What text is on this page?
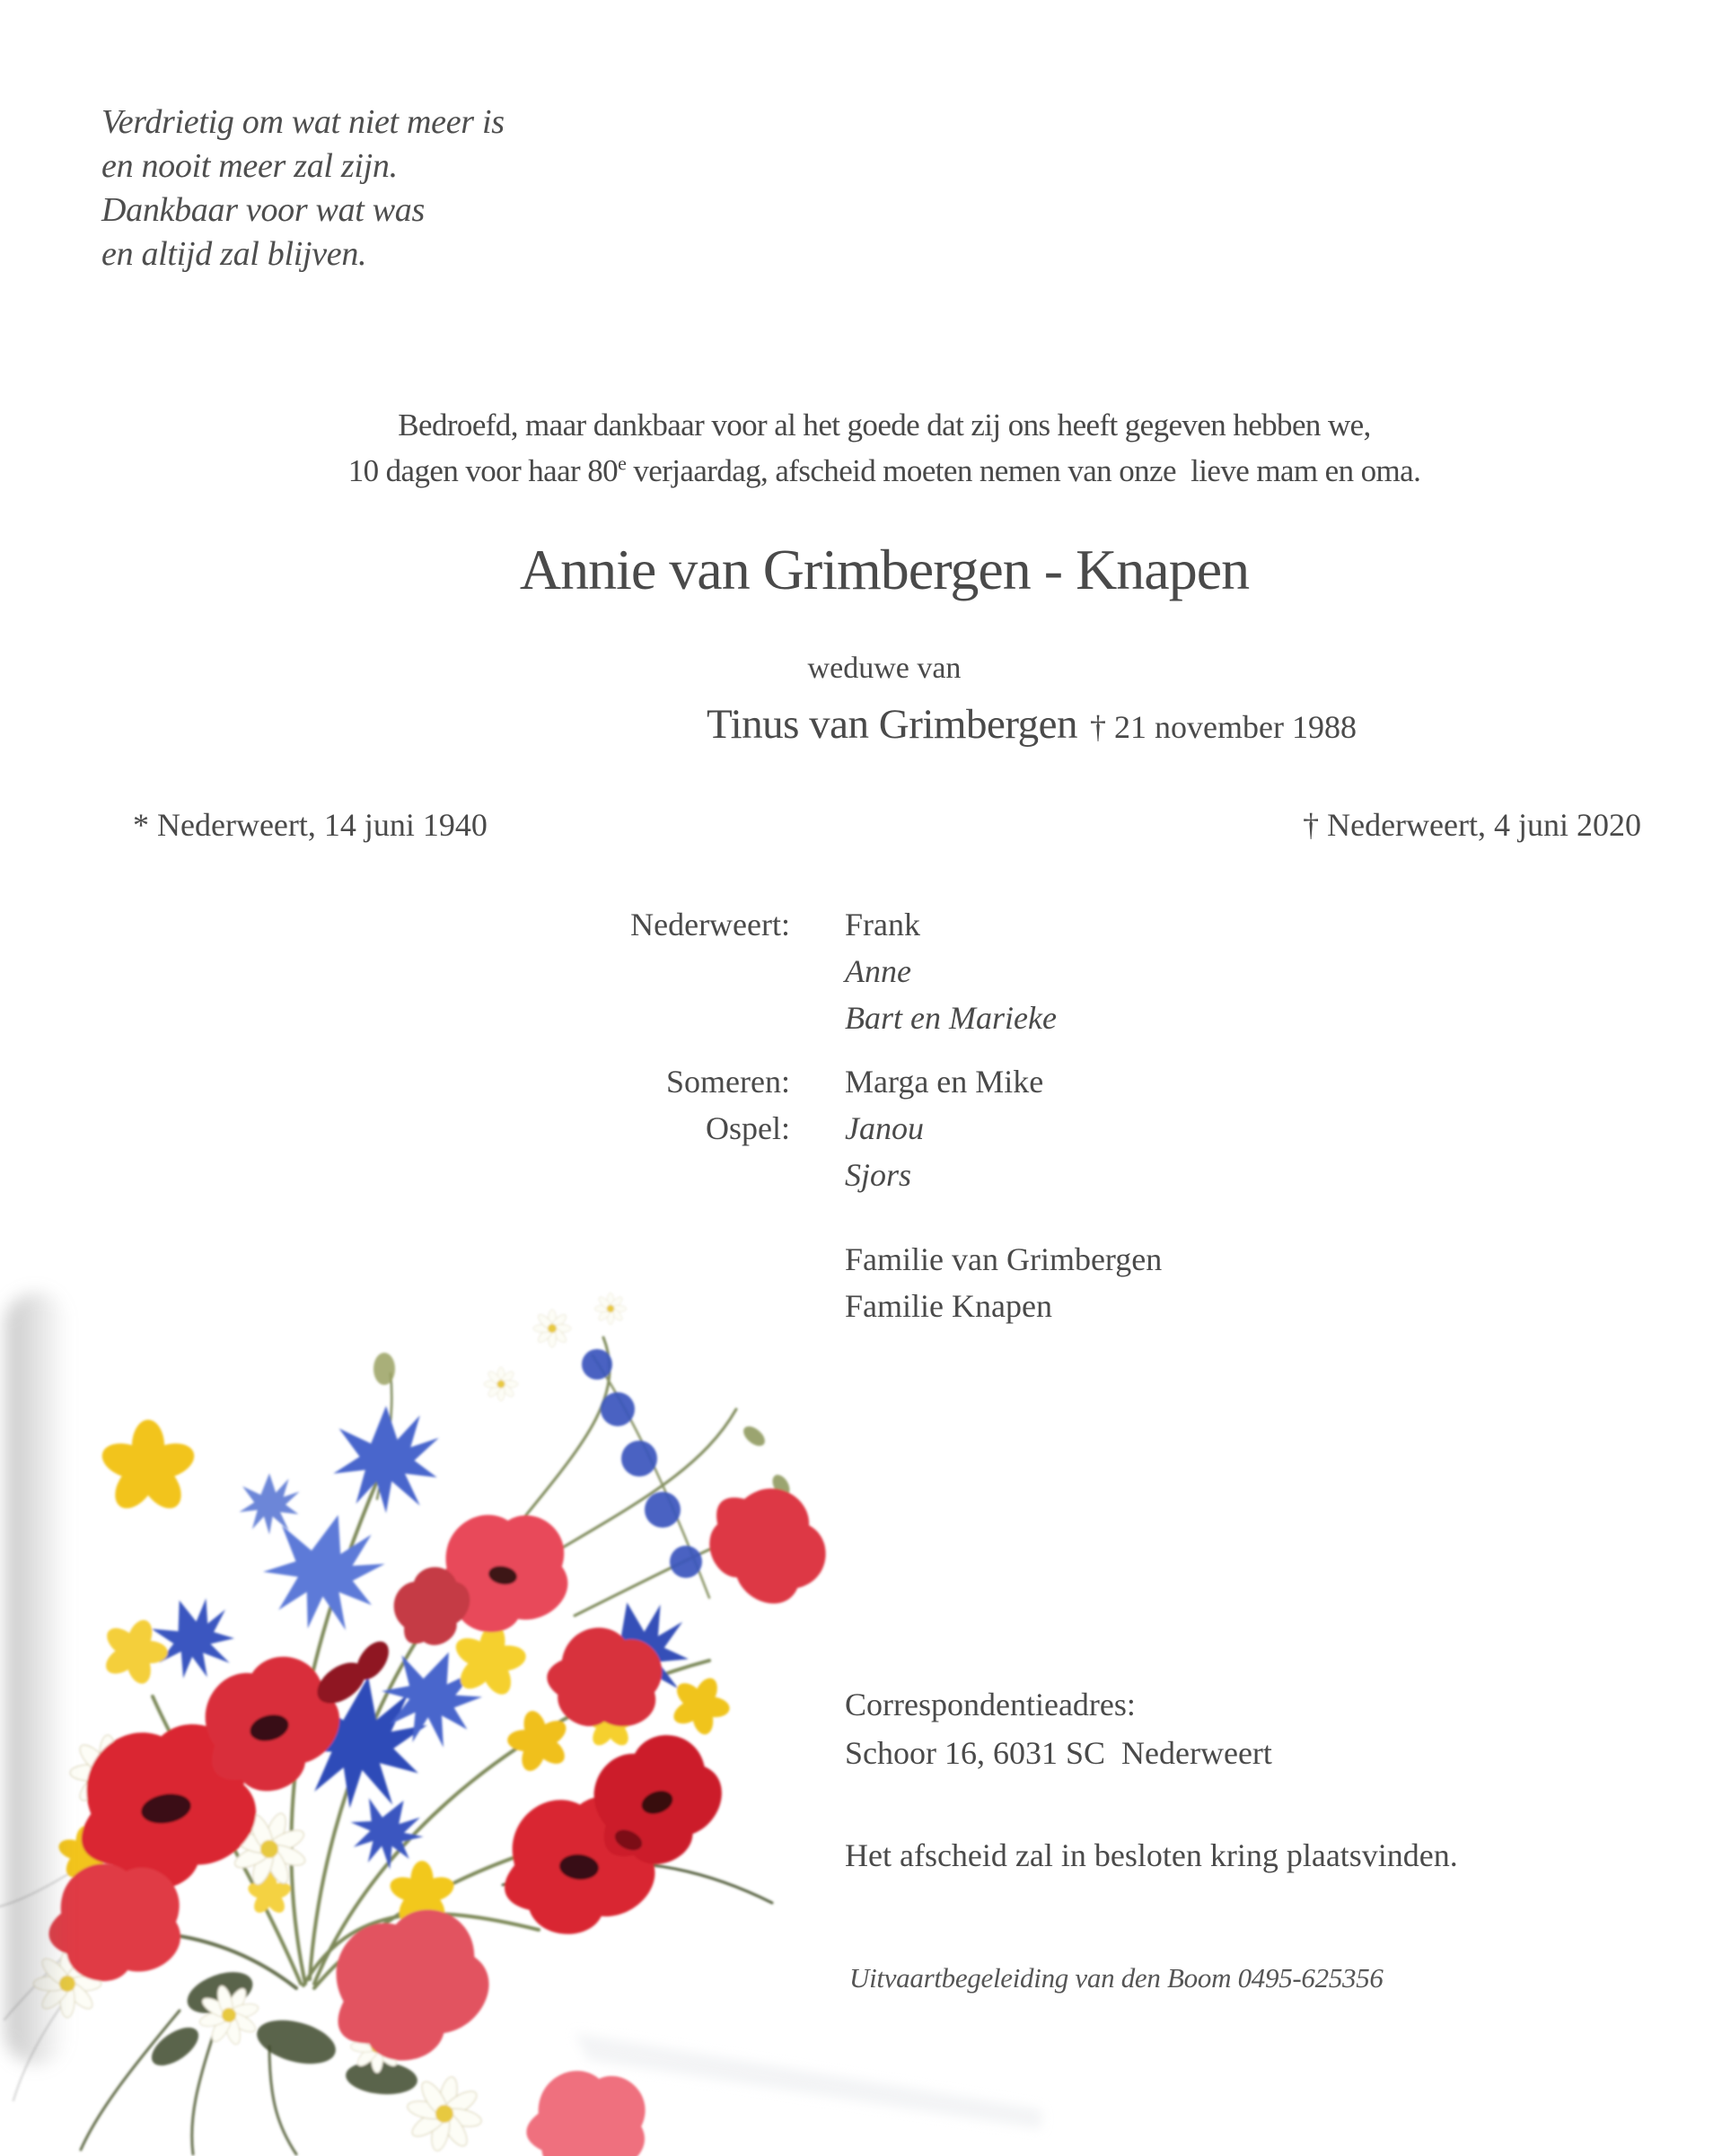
Verdrietig om wat niet meer is
en nooit meer zal zijn.
Dankbaar voor wat was
en altijd zal blijven.
Bedroefd, maar dankbaar voor al het goede dat zij ons heeft gegeven hebben we,
10 dagen voor haar 80e verjaardag, afscheid moeten nemen van onze  lieve mam en oma.
Annie van Grimbergen - Knapen
weduwe van
Tinus van Grimbergen † 21 november 1988
* Nederweert, 14 juni 1940	† Nederweert, 4 juni 2020
Nederweert: Frank
Anne
Bart en Marieke
Someren: Marga en Mike
Ospel: Janou
Sjors
Familie van Grimbergen
Familie Knapen
Correspondentieadres:
Schoor 16, 6031 SC  Nederweert
Het afscheid zal in besloten kring plaatsvinden.
Uitvaartbegeleiding van den Boom 0495-625356
